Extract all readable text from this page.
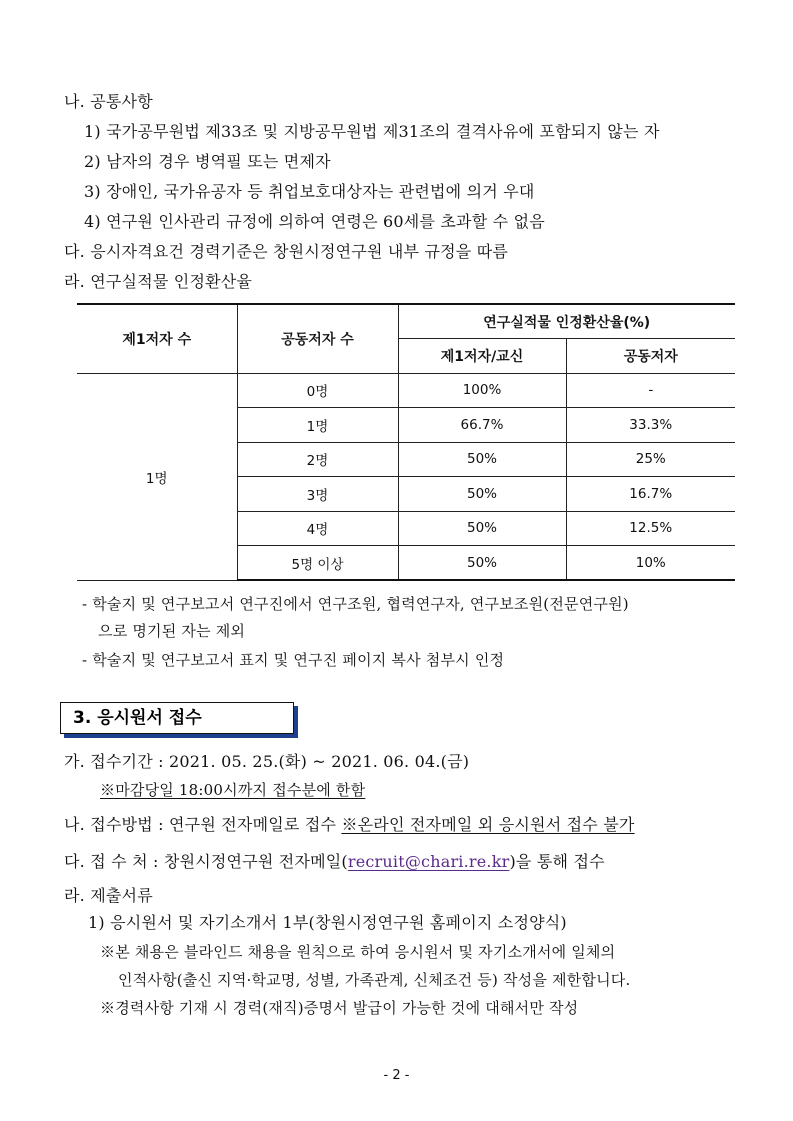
나. 공통사항
1) 국가공무원법 제33조 및 지방공무원법 제31조의 결격사유에 포함되지 않는 자
2) 남자의 경우 병역필 또는 면제자
3) 장애인, 국가유공자 등 취업보호대상자는 관련법에 의거 우대
4) 연구원 인사관리 규정에 의하여 연령은 60세를 초과할 수 없음
다. 응시자격요건 경력기준은 창원시정연구원 내부 규정을 따름
라. 연구실적물 인정환산율
제1저자 수	공동저자 수	연구실적물 인정환산율(%)	
		제1저자/교신	공동저자
1명	0명	100%	-
	1명	66.7%	33.3%
	2명	50%	25%
	3명	50%	16.7%
	4명	50%	12.5%
	5명 이상	50%	10%
- 학술지 및 연구보고서 연구진에서 연구조원, 협력연구자, 연구보조원(전문연구원)
으로 명기된 자는 제외
- 학술지 및 연구보고서 표지 및 연구진 페이지 복사 첨부시 인정
3. 응시원서 접수
가. 접수기간 : 2021. 05. 25.(화) ~ 2021. 06. 04.(금)
※마감당일 18:00시까지 접수분에 한함
나. 접수방법 : 연구원 전자메일로 접수 ※온라인 전자메일 외 응시원서 접수 불가
다. 접 수 처 : 창원시정연구원 전자메일(recruit@chari.re.kr)을 통해 접수
라. 제출서류
1) 응시원서 및 자기소개서 1부(창원시정연구원 홈페이지 소정양식)
※본 채용은 블라인드 채용을 원칙으로 하여 응시원서 및 자기소개서에 일체의
인적사항(출신 지역·학교명, 성별, 가족관계, 신체조건 등) 작성을 제한합니다.
※경력사항 기재 시 경력(재직)증명서 발급이 가능한 것에 대해서만 작성
- 2 -
